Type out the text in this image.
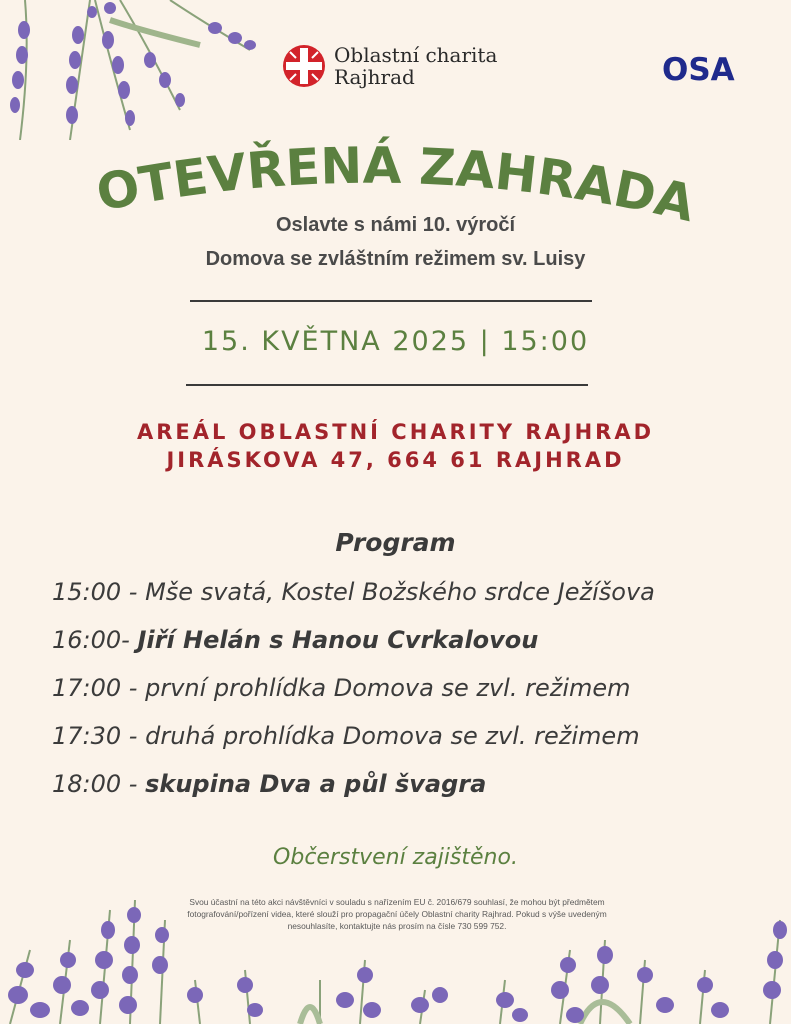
Oblastní charita
Rajhrad	OSA
OTEVŘENÁ ZAHRADA
Oslavte s námi 10. výročí
Domova se zvláštním režimem sv. Luisy
15. KVĚTNA 2025 | 15:00
AREÁL OBLASTNÍ CHARITY RAJHRAD
JIRÁSKOVA 47, 664 61 RAJHRAD
Program
15:00 - Mše svatá, Kostel Božského srdce Ježíšova
16:00- Jiří Helán s Hanou Cvrkalovou
17:00 - první prohlídka Domova se zvl. režimem
17:30 - druhá prohlídka Domova se zvl. režimem
18:00 - skupina Dva a půl švagra
Občerstvení zajištěno.
Svou účastní na této akci návštěvníci v souladu s nařízením EU č. 2016/679 souhlasí, že mohou být předmětem fotografování/pořízení videa, které slouží pro propagační účely Oblastní charity Rajhrad. Pokud s výše uvedeným nesouhlasíte, kontaktujte nás prosím na čísle 730 599 752.
